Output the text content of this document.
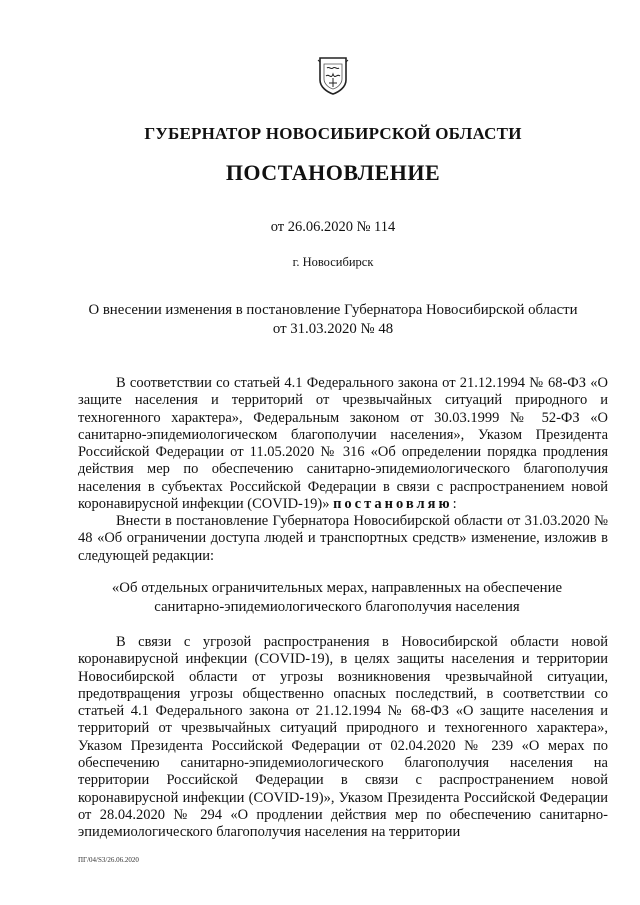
ГУБЕРНАТОР НОВОСИБИРСКОЙ ОБЛАСТИ
ПОСТАНОВЛЕНИЕ
от 26.06.2020 № 114
г. Новосибирск
О внесении изменения в постановление Губернатора Новосибирской области
от 31.03.2020 № 48

В соответствии со статьей 4.1 Федерального закона от 21.12.1994 № 68-ФЗ «О защите населения и территорий от чрезвычайных ситуаций природного и техногенного характера», Федеральным законом от 30.03.1999 № 52-ФЗ «О санитарно-эпидемиологическом благополучии населения», Указом Президента Российской Федерации от 11.05.2020 № 316 «Об определении порядка продления действия мер по обеспечению санитарно-эпидемиологического благополучия населения в субъектах Российской Федерации в связи с распространением новой коронавирусной инфекции (COVID-19)» постановляю:

Внести в постановление Губернатора Новосибирской области от 31.03.2020 № 48 «Об ограничении доступа людей и транспортных средств» изменение, изложив в следующей редакции:

«Об отдельных ограничительных мерах, направленных на обеспечение
санитарно-эпидемиологического благополучия населения

В связи с угрозой распространения в Новосибирской области новой коронавирусной инфекции (COVID-19), в целях защиты населения и территории Новосибирской области от угрозы возникновения чрезвычайной ситуации, предотвращения угрозы общественно опасных последствий, в соответствии со статьей 4.1 Федерального закона от 21.12.1994 № 68-ФЗ «О защите населения и территорий от чрезвычайных ситуаций природного и техногенного характера», Указом Президента Российской Федерации от 02.04.2020 № 239 «О мерах по обеспечению санитарно-эпидемиологического благополучия населения на территории Российской Федерации в связи с распространением новой коронавирусной инфекции (COVID-19)», Указом Президента Российской Федерации от 28.04.2020 № 294 «О продлении действия мер по обеспечению санитарно-эпидемиологического благополучия населения на территории

ПГ/04/S3/26.06.2020
